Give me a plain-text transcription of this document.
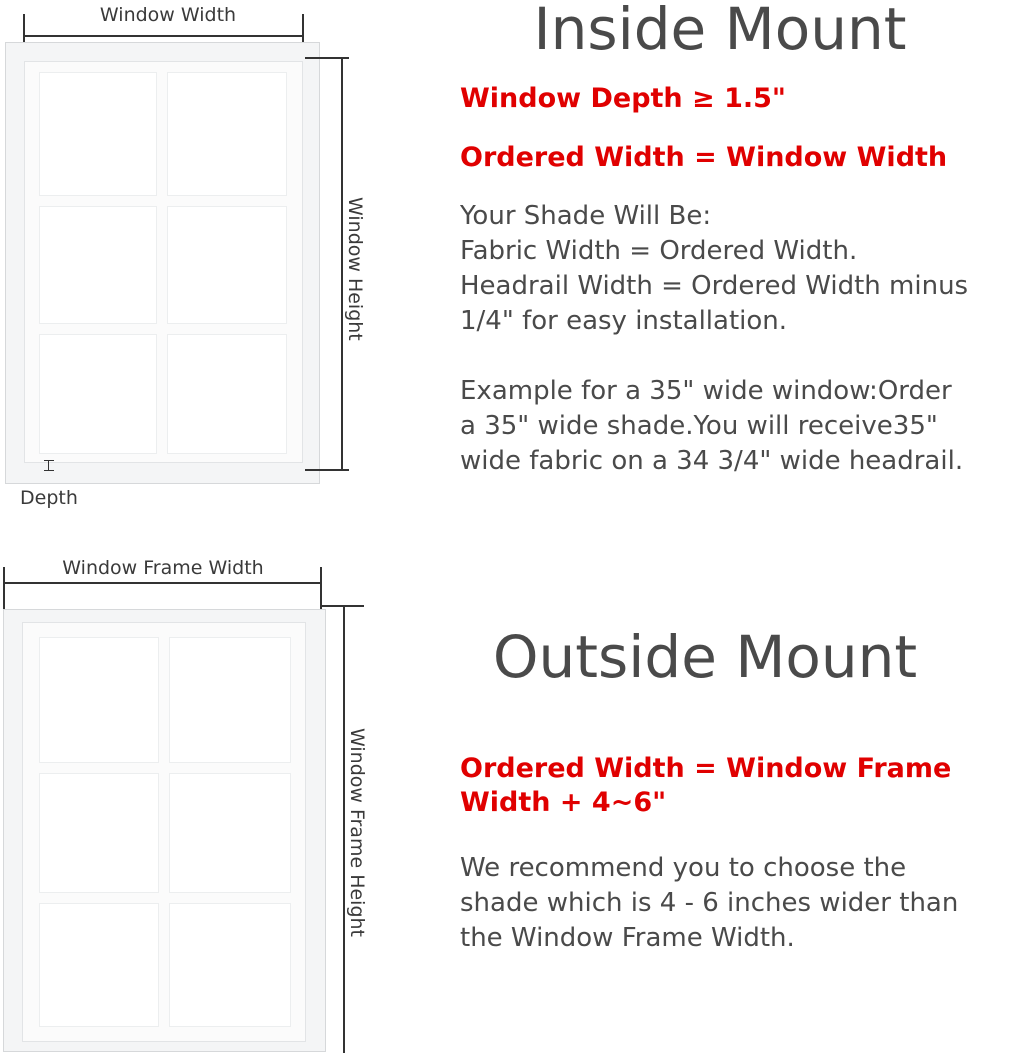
Window Width
Window Height
Depth
Inside Mount
Window Depth ≥ 1.5"
Ordered Width = Window Width
Your Shade Will Be:
Fabric Width = Ordered Width.
Headrail Width = Ordered Width minus
1/4" for easy installation.
Example for a 35" wide window:Order
a 35" wide shade.You will receive35"
wide fabric on a 34 3/4" wide headrail.
Window Frame Width
Window Frame Height
Outside Mount
Ordered Width = Window Frame
Width + 4~6"
We recommend you to choose the
shade which is 4 - 6 inches wider than
the Window Frame Width.
